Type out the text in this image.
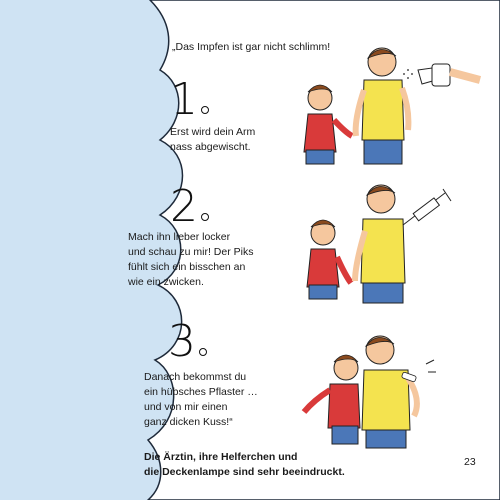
„Das Impfen ist gar nicht schlimm!
1
Erst wird dein Arm
nass abgewischt.
2
Mach ihn lieber locker
und schau zu mir! Der Piks
fühlt sich ein bisschen an
wie ein zwicken.
3
Danach bekommst du
ein hübsches Pflaster …
und von mir einen
ganz dicken Kuss!“
Die Ärztin, ihre Helferchen und
die Deckenlampe sind sehr beeindruckt.
23
